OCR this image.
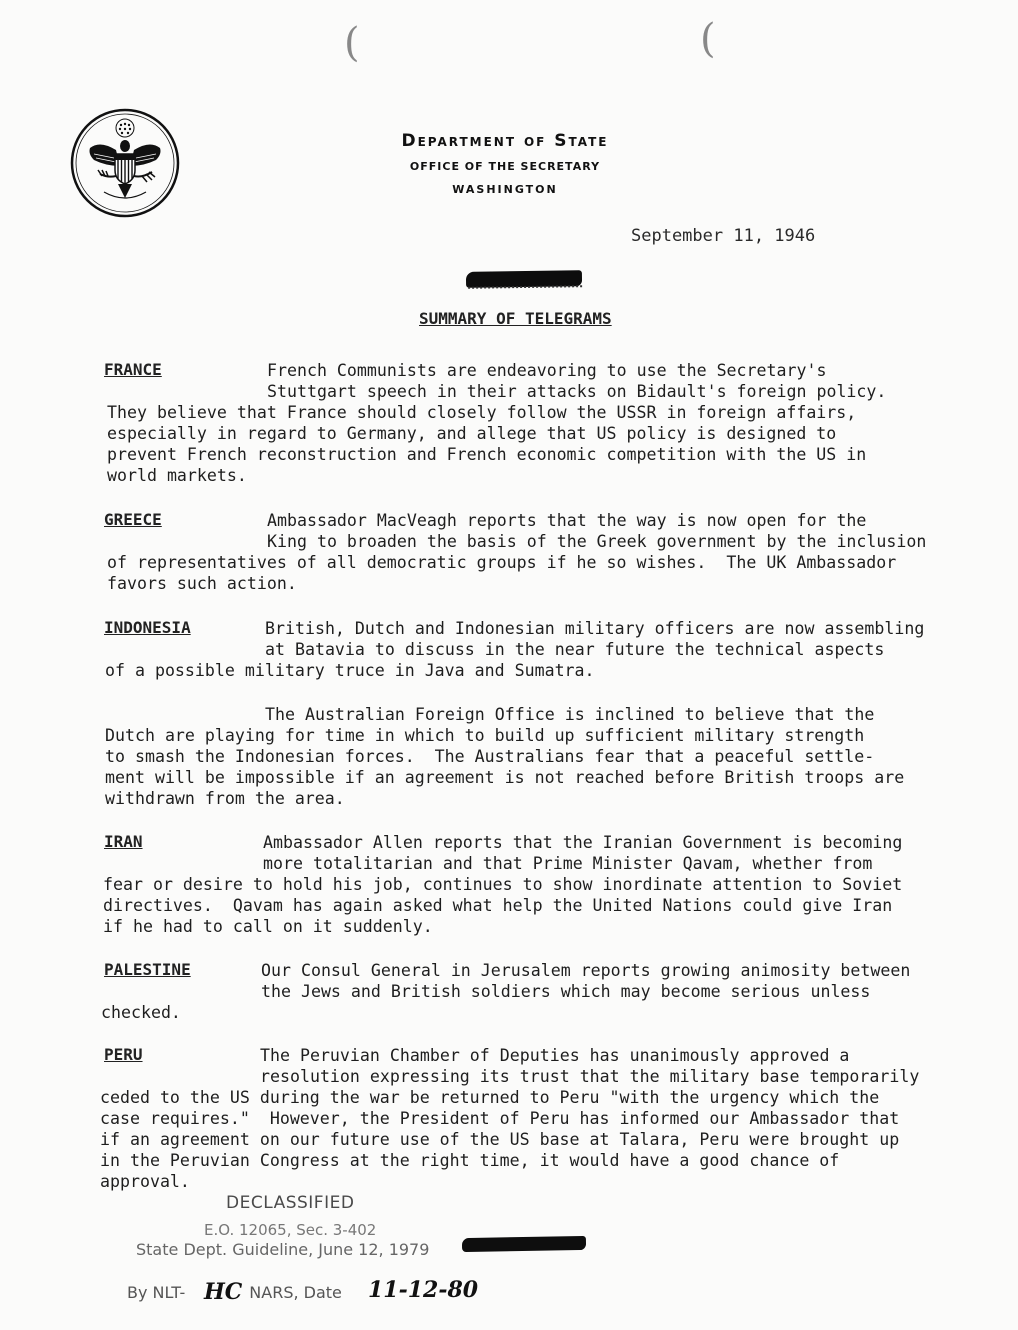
(	(
Department of State
OFFICE OF THE SECRETARY
WASHINGTON
September 11, 1946
SUMMARY OF TELEGRAMS
FRANCE	French Communists are endeavoring to use the Secretary's
Stuttgart speech in their attacks on Bidault's foreign policy.
They believe that France should closely follow the USSR in foreign affairs,
especially in regard to Germany, and allege that US policy is designed to
prevent French reconstruction and French economic competition with the US in
world markets.
GREECE	Ambassador MacVeagh reports that the way is now open for the
King to broaden the basis of the Greek government by the inclusion
of representatives of all democratic groups if he so wishes.  The UK Ambassador
favors such action.
INDONESIA	British, Dutch and Indonesian military officers are now assembling
at Batavia to discuss in the near future the technical aspects
of a possible military truce in Java and Sumatra.
The Australian Foreign Office is inclined to believe that the
Dutch are playing for time in which to build up sufficient military strength
to smash the Indonesian forces.  The Australians fear that a peaceful settle-
ment will be impossible if an agreement is not reached before British troops are
withdrawn from the area.
IRAN	Ambassador Allen reports that the Iranian Government is becoming
more totalitarian and that Prime Minister Qavam, whether from
fear or desire to hold his job, continues to show inordinate attention to Soviet
directives.  Qavam has again asked what help the United Nations could give Iran
if he had to call on it suddenly.
PALESTINE	Our Consul General in Jerusalem reports growing animosity between
the Jews and British soldiers which may become serious unless
checked.
PERU	The Peruvian Chamber of Deputies has unanimously approved a
resolution expressing its trust that the military base temporarily
ceded to the US during the war be returned to Peru "with the urgency which the
case requires."  However, the President of Peru has informed our Ambassador that
if an agreement on our future use of the US base at Talara, Peru were brought up
in the Peruvian Congress at the right time, it would have a good chance of
approval.
DECLASSIFIED
E.O. 12065, Sec. 3-402
State Dept. Guideline, June 12, 1979
By NLT-	NARS, Date
HC	11-12-80
